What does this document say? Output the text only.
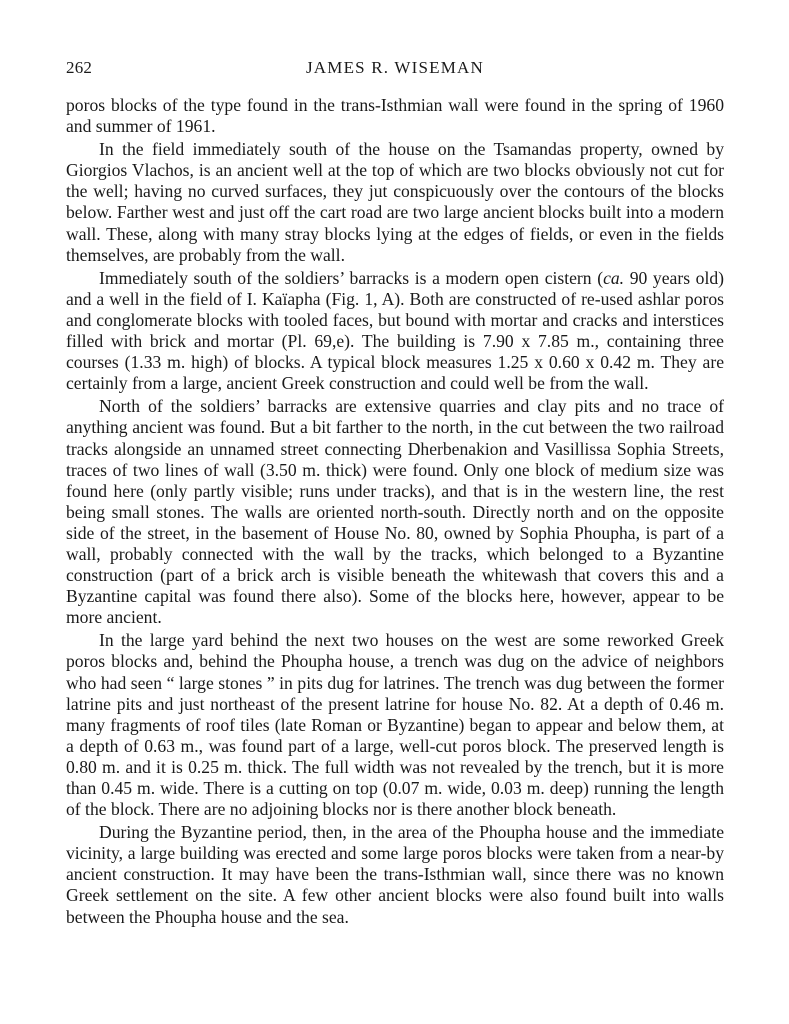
262	JAMES R. WISEMAN

poros blocks of the type found in the trans-Isthmian wall were found in the spring of 1960 and summer of 1961.

In the field immediately south of the house on the Tsamandas property, owned by Giorgios Vlachos, is an ancient well at the top of which are two blocks obviously not cut for the well; having no curved surfaces, they jut conspicuously over the contours of the blocks below. Farther west and just off the cart road are two large ancient blocks built into a modern wall. These, along with many stray blocks lying at the edges of fields, or even in the fields themselves, are probably from the wall.

Immediately south of the soldiers’ barracks is a modern open cistern (ca. 90 years old) and a well in the field of I. Kaïapha (Fig. 1, A). Both are constructed of re-used ashlar poros and conglomerate blocks with tooled faces, but bound with mortar and cracks and interstices filled with brick and mortar (Pl. 69,e). The building is 7.90 x 7.85 m., containing three courses (1.33 m. high) of blocks. A typical block measures 1.25 x 0.60 x 0.42 m. They are certainly from a large, ancient Greek construction and could well be from the wall.

North of the soldiers’ barracks are extensive quarries and clay pits and no trace of anything ancient was found. But a bit farther to the north, in the cut between the two railroad tracks alongside an unnamed street connecting Dherbenakion and Vasillissa Sophia Streets, traces of two lines of wall (3.50 m. thick) were found. Only one block of medium size was found here (only partly visible; runs under tracks), and that is in the western line, the rest being small stones. The walls are oriented north-south. Directly north and on the opposite side of the street, in the basement of House No. 80, owned by Sophia Phoupha, is part of a wall, probably connected with the wall by the tracks, which belonged to a Byzantine construction (part of a brick arch is visible beneath the whitewash that covers this and a Byzantine capital was found there also). Some of the blocks here, however, appear to be more ancient.

In the large yard behind the next two houses on the west are some reworked Greek poros blocks and, behind the Phoupha house, a trench was dug on the advice of neighbors who had seen “ large stones ” in pits dug for latrines. The trench was dug between the former latrine pits and just northeast of the present latrine for house No. 82. At a depth of 0.46 m. many fragments of roof tiles (late Roman or Byzantine) began to appear and below them, at a depth of 0.63 m., was found part of a large, well-cut poros block. The preserved length is 0.80 m. and it is 0.25 m. thick. The full width was not revealed by the trench, but it is more than 0.45 m. wide. There is a cutting on top (0.07 m. wide, 0.03 m. deep) running the length of the block. There are no adjoining blocks nor is there another block beneath.

During the Byzantine period, then, in the area of the Phoupha house and the immediate vicinity, a large building was erected and some large poros blocks were taken from a near-by ancient construction. It may have been the trans-Isthmian wall, since there was no known Greek settlement on the site. A few other ancient blocks were also found built into walls between the Phoupha house and the sea.
